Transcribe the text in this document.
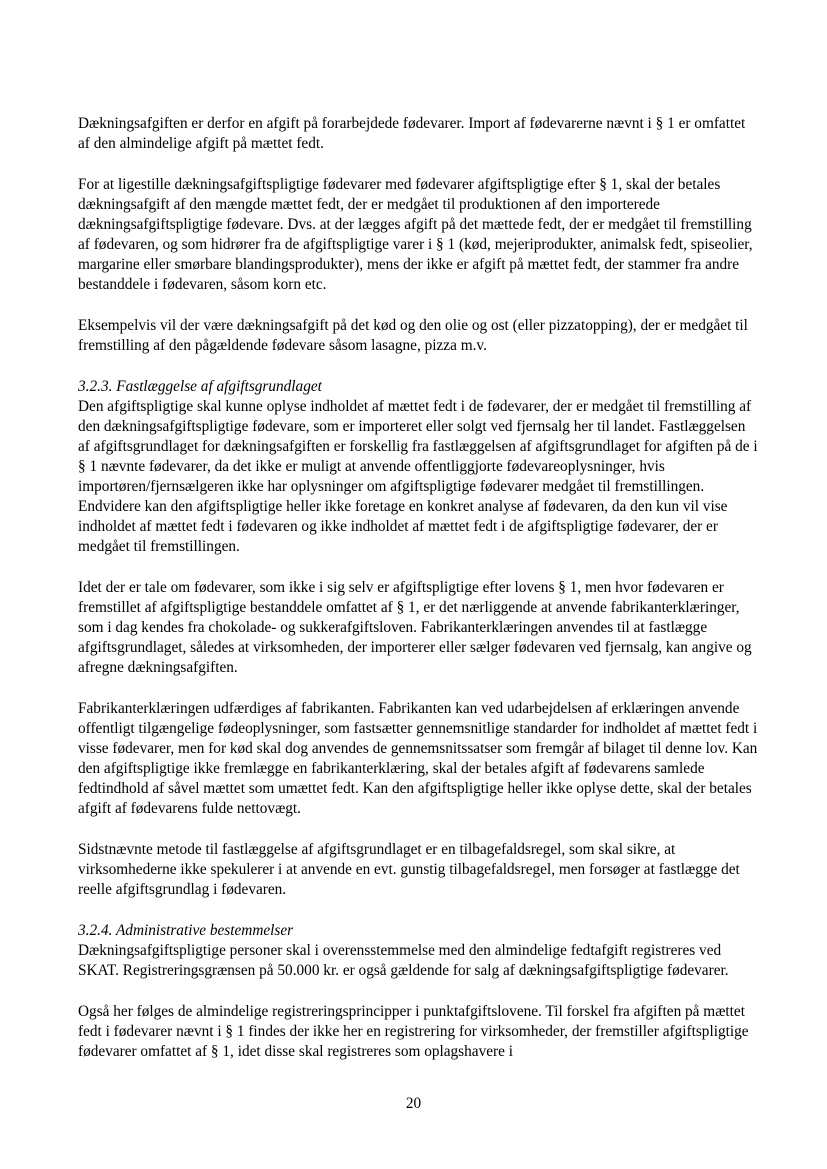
Dækningsafgiften er derfor en afgift på forarbejdede fødevarer. Import af fødevarerne nævnt i § 1 er omfattet af den almindelige afgift på mættet fedt.

For at ligestille dækningsafgiftspligtige fødevarer med fødevarer afgiftspligtige efter § 1, skal der betales dækningsafgift af den mængde mættet fedt, der er medgået til produktionen af den importerede dækningsafgiftspligtige fødevare. Dvs. at der lægges afgift på det mættede fedt, der er medgået til fremstilling af fødevaren, og som hidrører fra de afgiftspligtige varer i § 1 (kød, mejeriprodukter, animalsk fedt, spiseolier, margarine eller smørbare blandingsprodukter), mens der ikke er afgift på mættet fedt, der stammer fra andre bestanddele i fødevaren, såsom korn etc.

Eksempelvis vil der være dækningsafgift på det kød og den olie og ost (eller pizzatopping), der er medgået til fremstilling af den pågældende fødevare såsom lasagne, pizza m.v.

3.2.3. Fastlæggelse af afgiftsgrundlaget
Den afgiftspligtige skal kunne oplyse indholdet af mættet fedt i de fødevarer, der er medgået til fremstilling af den dækningsafgiftspligtige fødevare, som er importeret eller solgt ved fjernsalg her til landet. Fastlæggelsen af afgiftsgrundlaget for dækningsafgiften er forskellig fra fastlæggelsen af afgiftsgrundlaget for afgiften på de i § 1 nævnte fødevarer, da det ikke er muligt at anvende offentliggjorte fødevareoplysninger, hvis importøren/fjernsælgeren ikke har oplysninger om afgiftspligtige fødevarer medgået til fremstillingen. Endvidere kan den afgiftspligtige heller ikke foretage en konkret analyse af fødevaren, da den kun vil vise indholdet af mættet fedt i fødevaren og ikke indholdet af mættet fedt i de afgiftspligtige fødevarer, der er medgået til fremstillingen.

Idet der er tale om fødevarer, som ikke i sig selv er afgiftspligtige efter lovens § 1, men hvor fødevaren er fremstillet af afgiftspligtige bestanddele omfattet af § 1, er det nærliggende at anvende fabrikanterklæringer, som i dag kendes fra chokolade- og sukkerafgiftsloven. Fabrikanterklæringen anvendes til at fastlægge afgiftsgrundlaget, således at virksomheden, der importerer eller sælger fødevaren ved fjernsalg, kan angive og afregne dækningsafgiften.

Fabrikanterklæringen udfærdiges af fabrikanten. Fabrikanten kan ved udarbejdelsen af erklæringen anvende offentligt tilgængelige fødeoplysninger, som fastsætter gennemsnitlige standarder for indholdet af mættet fedt i visse fødevarer, men for kød skal dog anvendes de gennemsnitssatser som fremgår af bilaget til denne lov. Kan den afgiftspligtige ikke fremlægge en fabrikanterklæring, skal der betales afgift af fødevarens samlede fedtindhold af såvel mættet som umættet fedt. Kan den afgiftspligtige heller ikke oplyse dette, skal der betales afgift af fødevarens fulde nettovægt.

Sidstnævnte metode til fastlæggelse af afgiftsgrundlaget er en tilbagefaldsregel, som skal sikre, at virksomhederne ikke spekulerer i at anvende en evt. gunstig tilbagefaldsregel, men forsøger at fastlægge det reelle afgiftsgrundlag i fødevaren.

3.2.4. Administrative bestemmelser
Dækningsafgiftspligtige personer skal i overensstemmelse med den almindelige fedtafgift registreres ved SKAT. Registreringsgrænsen på 50.000 kr. er også gældende for salg af dækningsafgiftspligtige fødevarer.

Også her følges de almindelige registreringsprincipper i punktafgiftslovene. Til forskel fra afgiften på mættet fedt i fødevarer nævnt i § 1 findes der ikke her en registrering for virksomheder, der fremstiller afgiftspligtige fødevarer omfattet af § 1, idet disse skal registreres som oplagshavere i

20
